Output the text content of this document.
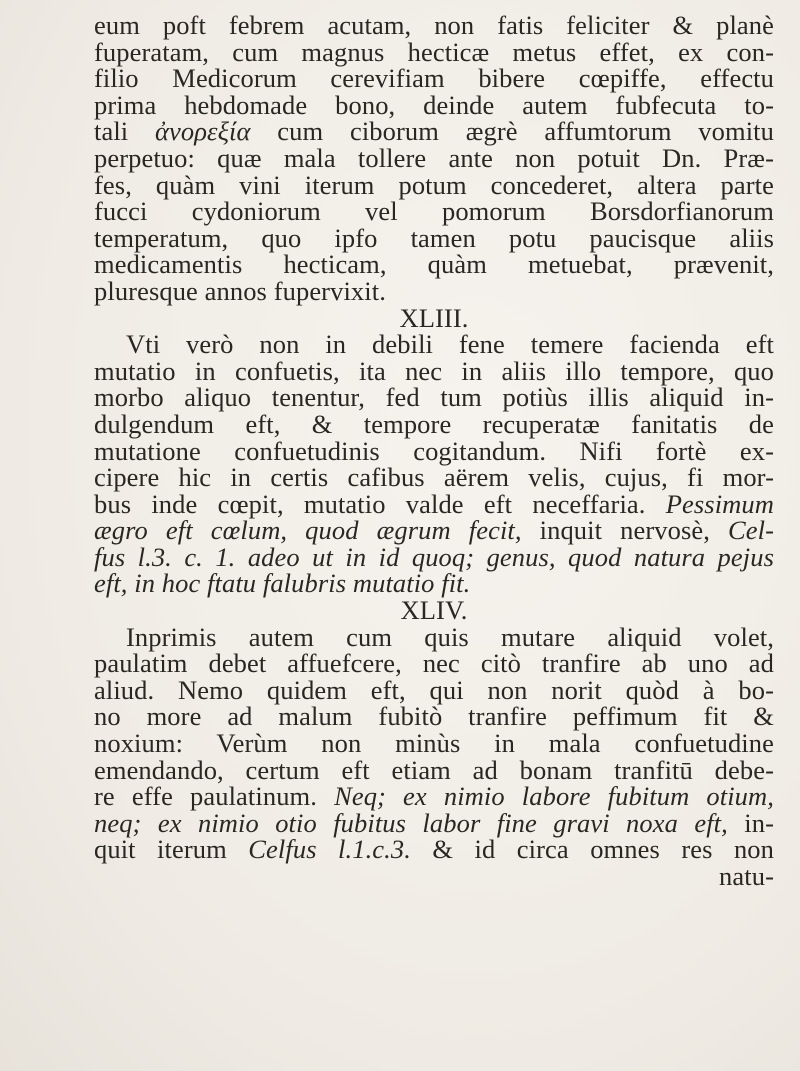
eum poft febrem acutam, non fatis feliciter & planè
fuperatam, cum magnus hecticæ metus effet, ex con-
filio Medicorum cerevifiam bibere cœpiffe, effectu
prima hebdomade bono, deinde autem fubfecuta to-
tali ἀνορεξία cum ciborum ægrè affumtorum vomitu
perpetuo: quæ mala tollere ante non potuit Dn. Præ-
fes, quàm vini iterum potum concederet, altera parte
fucci cydoniorum vel pomorum Borsdorfianorum
temperatum, quo ipfo tamen potu paucisque aliis
medicamentis hecticam, quàm metuebat, prævenit,
pluresque annos fupervixit.
XLIII.
Vti verò non in debili fene temere facienda eft
mutatio in confuetis, ita nec in aliis illo tempore, quo
morbo aliquo tenentur, fed tum potiùs illis aliquid in-
dulgendum eft, & tempore recuperatæ fanitatis de
mutatione confuetudinis cogitandum. Nifi fortè ex-
cipere hic in certis cafibus aërem velis, cujus, fi mor-
bus inde cœpit, mutatio valde eft neceffaria. Pessimum
ægro eft cœlum, quod ægrum fecit, inquit nervosè, Cel-
fus l.3. c. 1. adeo ut in id quoq; genus, quod natura pejus
eft, in hoc ftatu falubris mutatio fit.
XLIV.
Inprimis autem cum quis mutare aliquid volet,
paulatim debet affuefcere, nec citò tranfire ab uno ad
aliud. Nemo quidem eft, qui non norit quòd à bo-
no more ad malum fubitò tranfire peffimum fit &
noxium: Verùm non minùs in mala confuetudine
emendando, certum eft etiam ad bonam tranfitū debe-
re effe paulatinum. Neq; ex nimio labore fubitum otium,
neq; ex nimio otio fubitus labor fine gravi noxa eft, in-
quit iterum Celfus l.1.c.3. & id circa omnes res non
natu-
